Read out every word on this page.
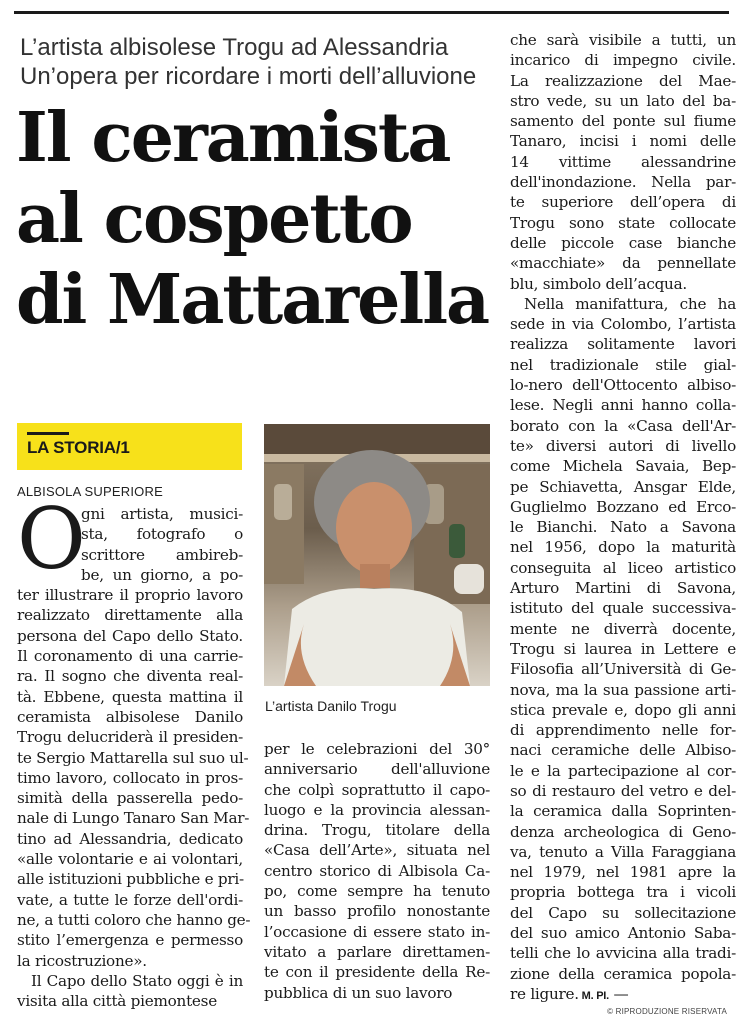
L’artista albisolese Trogu ad Alessandria
Un’opera per ricordare i morti dell’alluvione
Il ceramista
al cospetto
di Mattarella
LA STORIA/1
ALBISOLA SUPERIORE
O
gni artista, musici-
sta, fotografo o
scrittore ambireb-
be, un giorno, a po-
ter illustrare il proprio lavoro
realizzato direttamente alla
persona del Capo dello Stato.
Il coronamento di una carrie-
ra. Il sogno che diventa real-
tà. Ebbene, questa mattina il
ceramista albisolese Danilo
Trogu delucriderà il presiden-
te Sergio Mattarella sul suo ul-
timo lavoro, collocato in pros-
simità della passerella pedo-
nale di Lungo Tanaro San Mar-
tino ad Alessandria, dedicato
«alle volontarie e ai volontari,
alle istituzioni pubbliche e pri-
vate, a tutte le forze dell'ordi-
ne, a tutti coloro che hanno ge-
stito l’emergenza e permesso
la ricostruzione».
Il Capo dello Stato oggi è in
visita alla città piemontese
L’artista Danilo Trogu
per le celebrazioni del 30°
anniversario dell'alluvione
che colpì soprattutto il capo-
luogo e la provincia alessan-
drina. Trogu, titolare della
«Casa dell’Arte», situata nel
centro storico di Albisola Ca-
po, come sempre ha tenuto
un basso profilo nonostante
l’occasione di essere stato in-
vitato a parlare direttamen-
te con il presidente della Re-
pubblica di un suo lavoro
che sarà visibile a tutti, un
incarico di impegno civile.
La realizzazione del Mae-
stro vede, su un lato del ba-
samento del ponte sul fiume
Tanaro, incisi i nomi delle
14 vittime alessandrine
dell'inondazione. Nella par-
te superiore dell’opera di
Trogu sono state collocate
delle piccole case bianche
«macchiate» da pennellate
blu, simbolo dell’acqua.
Nella manifattura, che ha
sede in via Colombo, l’artista
realizza solitamente lavori
nel tradizionale stile gial-
lo-nero dell'Ottocento albiso-
lese. Negli anni hanno colla-
borato con la «Casa dell'Ar-
te» diversi autori di livello
come Michela Savaia, Bep-
pe Schiavetta, Ansgar Elde,
Guglielmo Bozzano ed Erco-
le Bianchi. Nato a Savona
nel 1956, dopo la maturità
conseguita al liceo artistico
Arturo Martini di Savona,
istituto del quale successiva-
mente ne diverrà docente,
Trogu si laurea in Lettere e
Filosofia all’Università di Ge-
nova, ma la sua passione arti-
stica prevale e, dopo gli anni
di apprendimento nelle for-
naci ceramiche delle Albiso-
le e la partecipazione al cor-
so di restauro del vetro e del-
la ceramica dalla Soprinten-
denza archeologica di Geno-
va, tenuto a Villa Faraggiana
nel 1979, nel 1981 apre la
propria bottega tra i vicoli
del Capo su sollecitazione
del suo amico Antonio Saba-
telli che lo avvicina alla tradi-
zione della ceramica popola-
re ligure. M. PI. —
© RIPRODUZIONE RISERVATA
